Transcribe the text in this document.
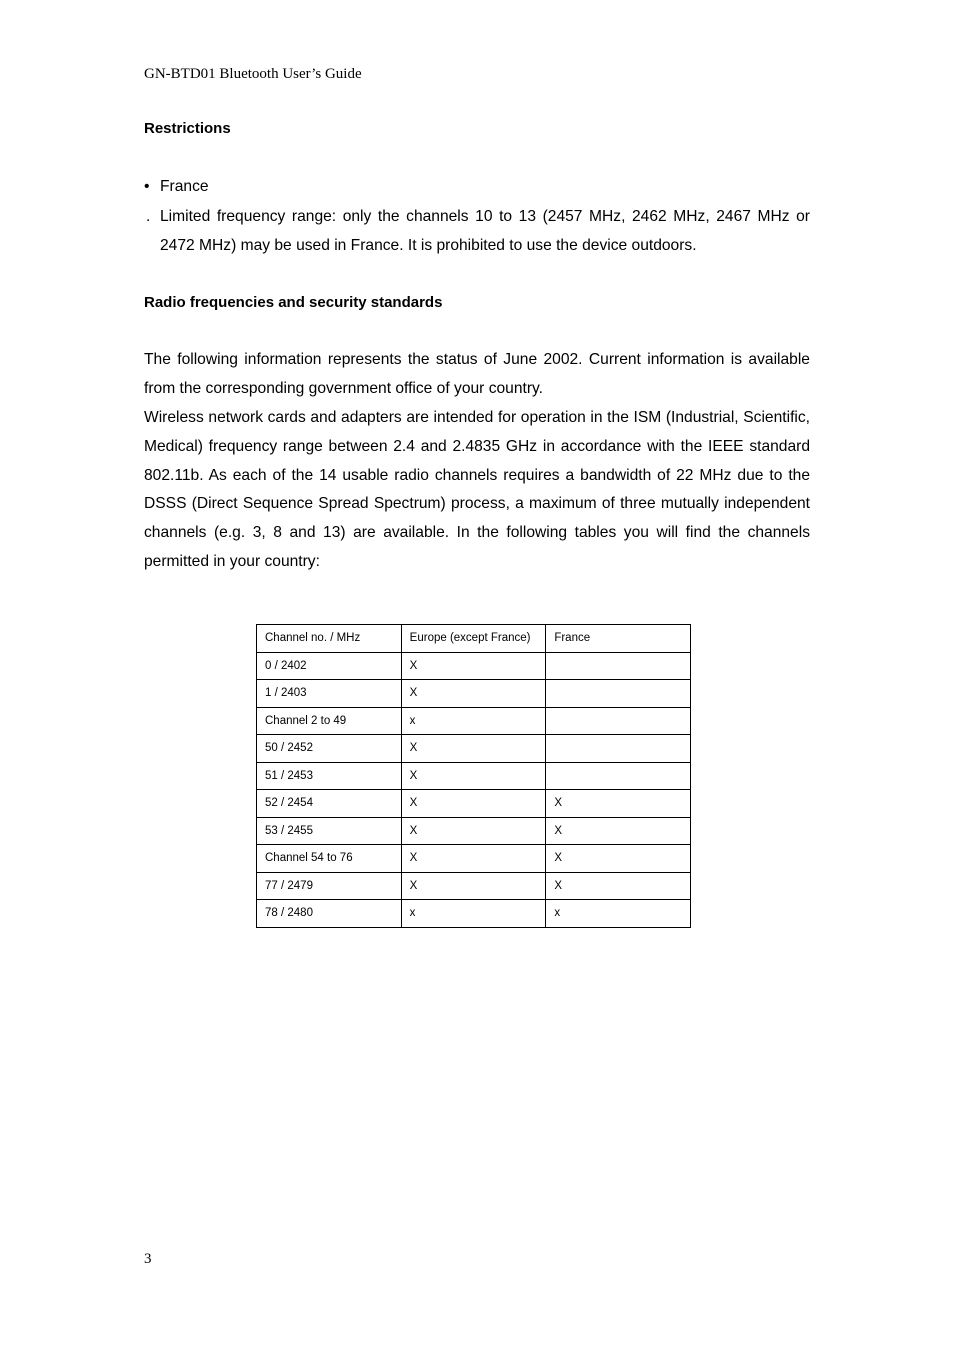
GN-BTD01 Bluetooth User’s Guide
Restrictions
• France
. Limited frequency range: only the channels 10 to 13 (2457 MHz, 2462 MHz, 2467 MHz or 2472 MHz) may be used in France. It is prohibited to use the device outdoors.
Radio frequencies and security standards
The following information represents the status of June 2002. Current information is available from the corresponding government office of your country.
Wireless network cards and adapters are intended for operation in the ISM (Industrial, Scientific, Medical) frequency range between 2.4 and 2.4835 GHz in accordance with the IEEE standard 802.11b. As each of the 14 usable radio channels requires a bandwidth of 22 MHz due to the DSSS (Direct Sequence Spread Spectrum) process, a maximum of three mutually independent channels (e.g. 3, 8 and 13) are available. In the following tables you will find the channels permitted in your country:
Channel no. / MHz	Europe (except France)	France
0 / 2402	X	
1 / 2403	X	
Channel 2 to 49	x	
50 / 2452	X	
51 / 2453	X	
52 / 2454	X	X
53 / 2455	X	X
Channel 54 to 76	X	X
77 / 2479	X	X
78 / 2480	x	x
3
